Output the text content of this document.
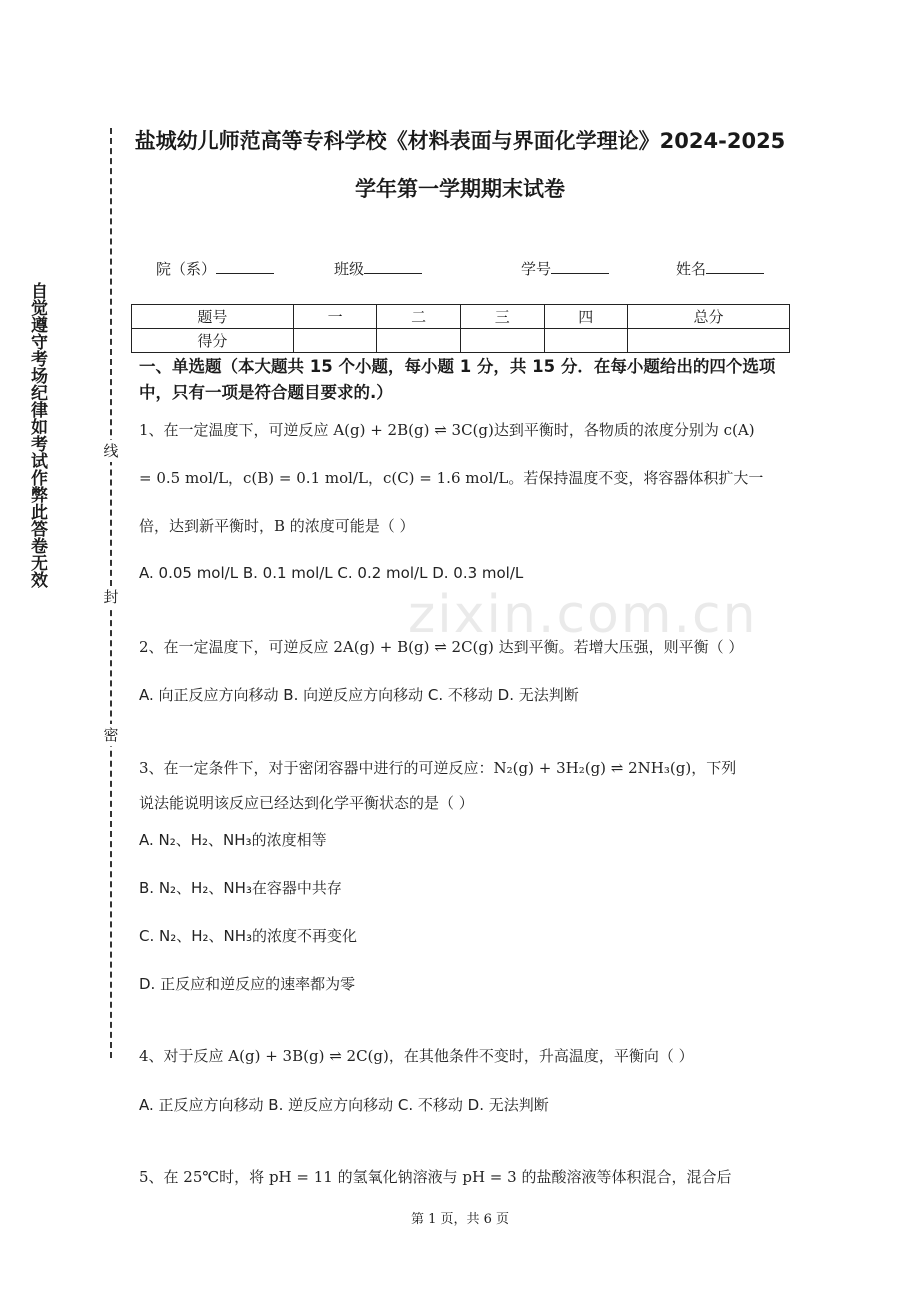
自觉遵守考场纪律如考试作弊此答卷无效	线
封
密
盐城幼儿师范高等专科学校《材料表面与界面化学理论》2024-2025
学年第一学期期末试卷
院（系）	班级	学号	姓名
题号	一	二	三	四	总分
得分					
一、单选题（本大题共 15 个小题，每小题 1 分，共 15 分．在每小题给出的四个选项中，只有一项是符合题目要求的.）
1、在一定温度下，可逆反应 A(g) + 2B(g) ⇌ 3C(g)达到平衡时，各物质的浓度分别为 c(A)
= 0.5 mol/L，c(B) = 0.1 mol/L，c(C) = 1.6 mol/L。若保持温度不变，将容器体积扩大一
倍，达到新平衡时，B 的浓度可能是（ ）
A. 0.05 mol/L B. 0.1 mol/L C. 0.2 mol/L D. 0.3 mol/L
zixin.com.cn
2、在一定温度下，可逆反应 2A(g) + B(g) ⇌ 2C(g) 达到平衡。若增大压强，则平衡（ ）
A. 向正反应方向移动 B. 向逆反应方向移动 C. 不移动 D. 无法判断
3、在一定条件下，对于密闭容器中进行的可逆反应：N₂(g) + 3H₂(g) ⇌ 2NH₃(g)，下列
说法能说明该反应已经达到化学平衡状态的是（ ）
A. N₂、H₂、NH₃的浓度相等
B. N₂、H₂、NH₃在容器中共存
C. N₂、H₂、NH₃的浓度不再变化
D. 正反应和逆反应的速率都为零
4、对于反应 A(g) + 3B(g) ⇌ 2C(g)，在其他条件不变时，升高温度，平衡向（ ）
A. 正反应方向移动 B. 逆反应方向移动 C. 不移动 D. 无法判断
5、在 25℃时，将 pH = 11 的氢氧化钠溶液与 pH = 3 的盐酸溶液等体积混合，混合后
第 1 页，共 6 页
